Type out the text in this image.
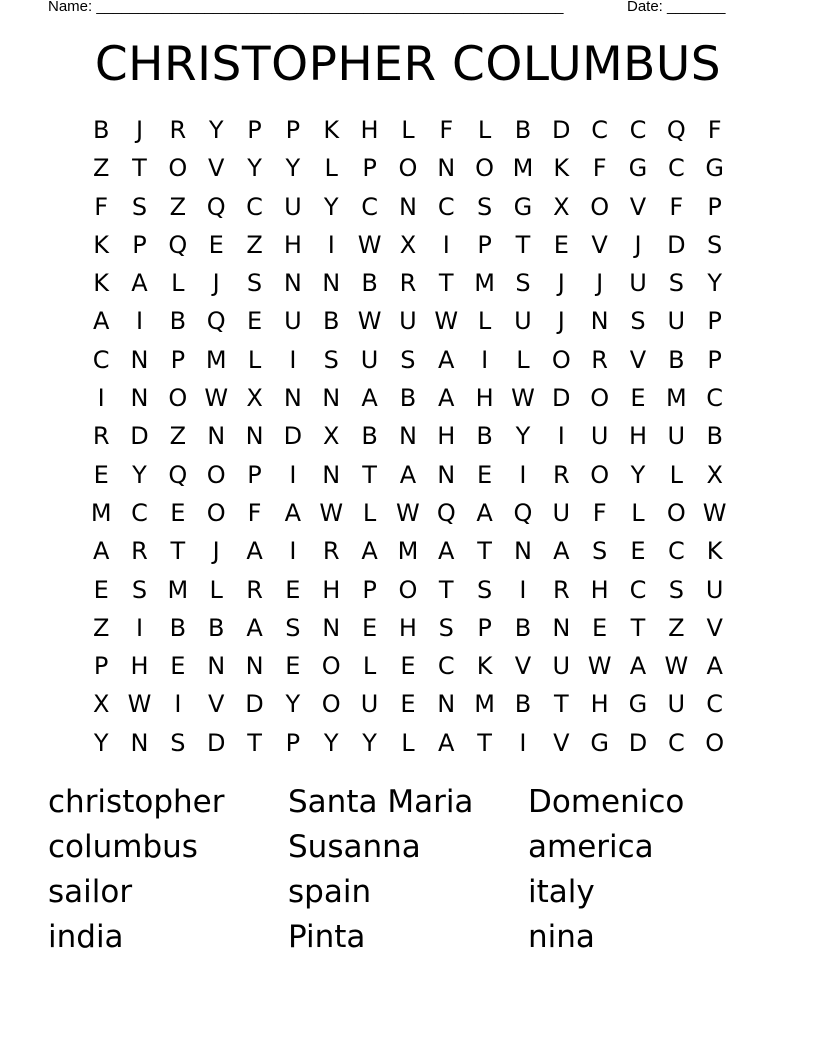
Name: ________________________________________________________	Date: _______
CHRISTOPHER COLUMBUS
B	J	R Y P P K H L	F	L B D C C Q F
Z T O V Y Y	L	P O N O M K F G C G
F S Z Q C U Y C N C S G X O V F	P
K P Q E Z H	I W X	I	P T E V	J	D S
K A L	J	S N N B R T M S	J	J	U S Y
A	I	B Q E U B W U W L U	J	N S U P
C N P M L	I	S U S A	I	L O R V B P
I	N O W X N N A B A H W D O E M C
R D Z N N D X B N H B Y	I	U H U B
E Y Q O P	I	N T A N E	I	R O Y	L X
M C E O F A W L W Q A Q U F	L O W
A R T	J	A	I	R A M A T N A S E C K
E S M L R E H P O T S	I	R H C S U
Z	I	B B A S N E H S P B N E T Z V
P H E N N E O L	E C K V U W A W A
X W I	V D Y O U E N M B T H G U C
Y N S D T P Y Y	L A T	I	V G D C O
christopher	Santa Maria	Domenico
columbus	Susanna	america
sailor	spain	italy
india	Pinta	nina
